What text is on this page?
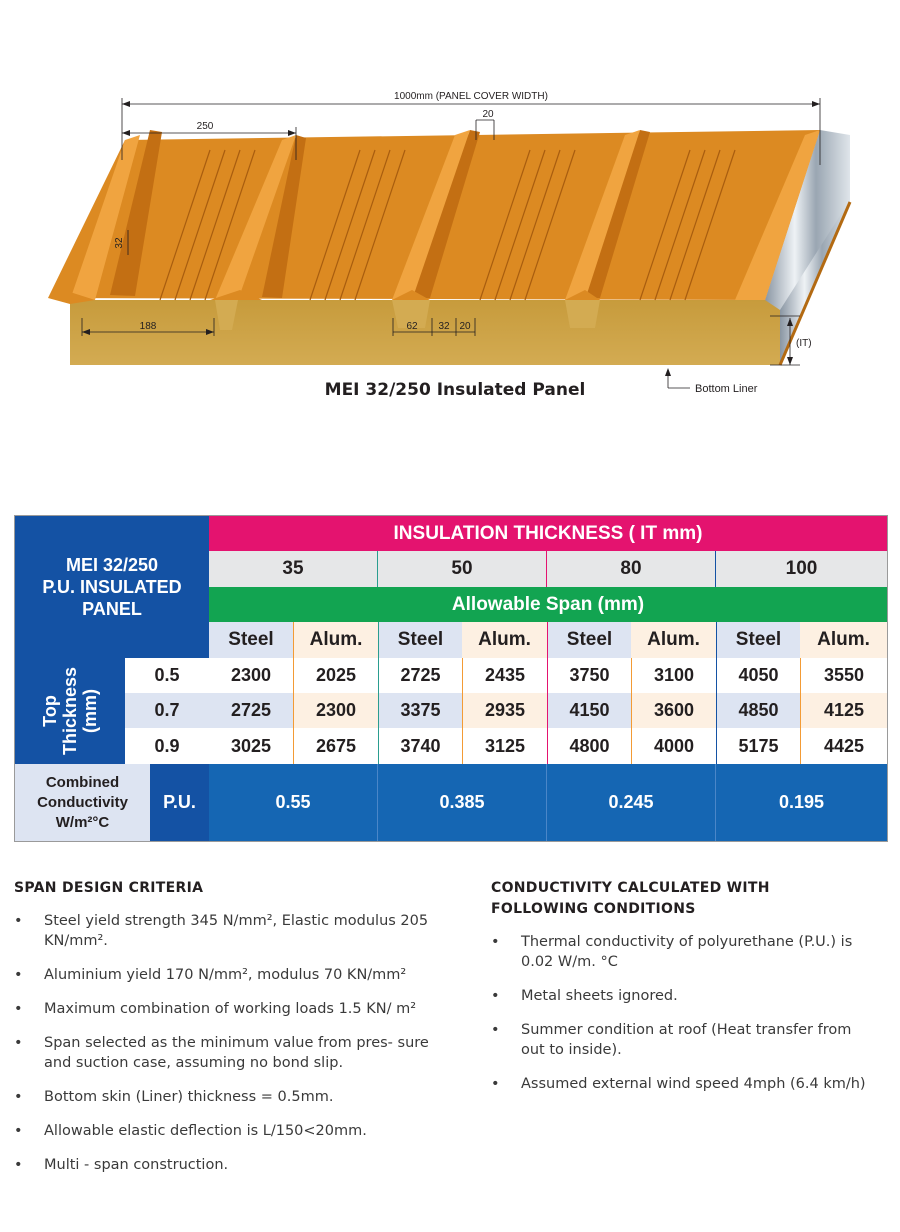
1000mm (PANEL COVER WIDTH)
250
20
32
188	62 32 20
(IT)
Bottom Liner
MEI 32/250 Insulated Panel
MEI 32/250
P.U. INSULATED
PANEL
INSULATION THICKNESS ( IT mm)
35	50	80	100
Allowable Span (mm)
Steel	Alum.	Steel	Alum.	Steel	Alum.	Steel	Alum.
Top Thickness (mm)
0.5	2300	2025	2725	2435	3750	3100	4050	3550
0.7	2725	2300	3375	2935	4150	3600	4850	4125
0.9	3025	2675	3740	3125	4800	4000	5175	4425
Combined
Conductivity
W/m²°C
P.U.	0.55	0.385	0.245	0.195
SPAN DESIGN CRITERIA
• Steel yield strength 345 N/mm², Elastic modulus 205 KN/mm².
• Aluminium yield 170 N/mm², modulus 70 KN/mm²
• Maximum combination of working loads 1.5 KN/ m²
• Span selected as the minimum value from pres- sure and suction case, assuming no bond slip.
• Bottom skin (Liner) thickness = 0.5mm.
• Allowable elastic deflection is L/150<20mm.
• Multi - span construction.
CONDUCTIVITY CALCULATED WITH FOLLOWING CONDITIONS
• Thermal conductivity of polyurethane (P.U.) is 0.02 W/m. °C
• Metal sheets ignored.
• Summer condition at roof (Heat transfer from out to inside).
• Assumed external wind speed 4mph (6.4 km/h)
